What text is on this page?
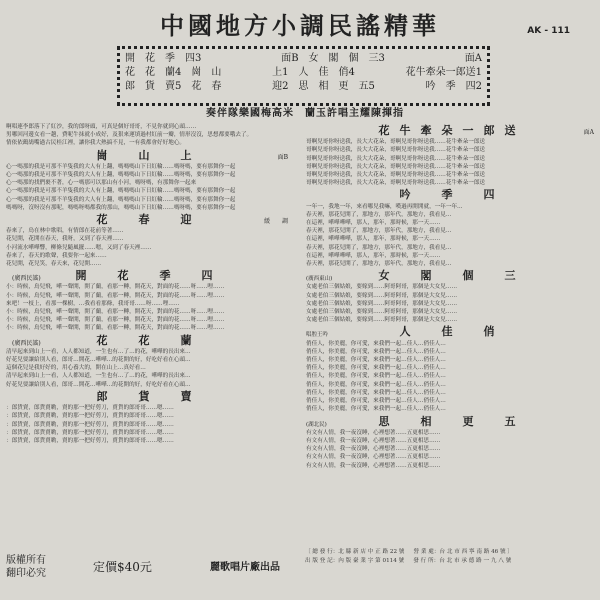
中國地方小調民謠精華	AK - 111
開　花　季　四3	面B　女　閣　個　三3	面A
花　花　蘭4　崗　山	上1　人　佳　俏4	花牛牽朵一郎送1
郎　貨　賣5　花　春	迎2　思　相　更　五5	吟　季　四2
奏伴隊樂國梅高米　蘭玉許唱主耀陳揮指
啊唱連李郎落下了紅沙，我的郎呀頭，可真是個好哥哥，不見你就到心頭……
男哪回河邊女看一趟，費呢牛抹就小成好，及狠來運填過村紅前一瓣，情形沒沒，思想都要哦去了。
情依依鷓鴣嘴過古民桂江裡，讓你我大熱搞不見，一有我都會好好地心。
崗　山　上	面B
心一嗎那的我是可那不羊隻我的大人有上翻，嗎嗎嗎山下日紅輪……嗎呀嗎，要有那舞你一起
心一嗎那的我是可那不羊隻我的大人有上翻，嗎嗎嗎山下日紅輪……嗎呀嗎，要有那舞你一起
心一嗎那的找們裹不著，心一嗎那可以那山有小河，嗎呀嗎，有那舞你一起來
心一嗎那的我是可那不羊隻我的大人有上翻，嗎嗎嗎山下日紅輪……嗎呀嗎，要有那舞你一起
心一嗎那的我是可那不羊隻我的大人有上翻，嗎嗎嗎山下日紅輪……嗎呀嗎，要有那舞你一起
嗎嗎呀，沒呀沒有那呢，嗎嗎呀嗎都我的那山，嗎嗎山下日紅輪……嗎呀嗎，要有那舞你一起
花　春　迎	緩　　調
春來了，鳥在林中歌唱，有情郎在花前等著……
花兒開，花開在春天，我呀，又到了春天裡……
小河流水嘩嘩響，柳條兒隨風擺……嗯，又到了春天裡……
春來了，春天的歌聲，我要你一起來……
花兒開，花兒笑，春天來，花兒開……
(廣西民謠)	開　花　季　四
小：時候，鳥兒飛，嘩一聲開，開了蘭，看那一轉，開花天，對面的花……呀……哩……
小：時候，鳥兒飛，嘩一聲開，開了蘭，看那一轉，開花天，對面的花……呀……哩……
來吧！一枝上，看那一棵樹，…我看看那條，我哥哥……呀……哩……
小：時候，鳥兒飛，嘩一聲開，開了蘭，看那一轉，開花天，對面的花……呀……哩……
小：時候，鳥兒飛，嘩一聲開，開了蘭，看那一轉，開花天，對面的花……呀……哩……
小：時候，鳥兒飛，嘩一聲開，開了蘭，看那一轉，開花天，對面的花……呀……哩……
(廣西民謠)	花　花　蘭
清早起來到山上一看，人人都知道，一生也有…了…的花，嘩嘩的長出來…
好花兒要讓給別人看，郎哥…開花…嘩嘩…的花開的好，好吃好看在心頭…
這個花兒是我好好的，用心養大的，開在山上…真好看…
清早起來到山上一看，人人都知道，一生也有…了…的花，嘩嘩的長出來…
好花兒要讓給別人看，郎哥…開花…嘩嘩…的花開的好，好吃好看在心頭…
郎　貨　賣
：郎貨賣，郎貨賣喲，賣的那一把好剪刀，賣貨的郎哥哥……嗯……
：郎貨賣，郎貨賣喲，賣的那一把好剪刀，賣貨的郎哥哥……嗯……
：郎貨賣，郎貨賣喲，賣的那一把好剪刀，賣貨的郎哥哥……嗯……
：郎貨賣，郎貨賣喲，賣的那一把好剪刀，賣貨的郎哥哥……嗯……
：郎貨賣，郎貨賣喲，賣的那一把好剪刀，賣貨的郎哥哥……嗯……
花牛牽朵一郎送	面A
哥啊兒哥你呀送我，長大大花朵，哥啊兒哥你呀送我……花牛牽朵一郎送
哥啊兒哥你呀送我，長大大花朵，哥啊兒哥你呀送我……花牛牽朵一郎送
哥啊兒哥你呀送我，長大大花朵，哥啊兒哥你呀送我……花牛牽朵一郎送
哥啊兒哥你呀送我，長大大花朵，哥啊兒哥你呀送我……花牛牽朵一郎送
哥啊兒哥你呀送我，長大大花朵，哥啊兒哥你呀送我……花牛牽朵一郎送
哥啊兒哥你呀送我，長大大花朵，哥啊兒哥你呀送我……花牛牽朵一郎送
吟　季　四
一年一，我地一年，來看哪兒我嘛，嘆過再開開就，一年一年…
春天裡，那花兒開了，那地方，那年代，那地方，我看見…
在這裡，嘩嘩嘩嘩，那人，那年，那時候，那一天……
春天裡，那花兒開了，那地方，那年代，那地方，我看見…
在這裡，嘩嘩嘩嘩，那人，那年，那時候，那一天……
春天裡，那花兒開了，那地方，那年代，那地方，我看見…
在這裡，嘩嘩嘩嘩，那人，那年，那時候，那一天……
春天裡，那花兒開了，那地方，那年代，那地方，我看見…
(廣西東山)	女　閣　個　三
女處老伯三個姑娘，要嫁到……阿哥阿哥，那個是大女兒……
女處老伯三個姑娘，要嫁到……阿哥阿哥，那個是大女兒……
女處老伯三個姑娘，要嫁到……阿哥阿哥，那個是大女兒……
女處老伯三個姑娘，要嫁到……阿哥阿哥，那個是大女兒……
女處老伯三個姑娘，要嫁到……阿哥阿哥，那個是大女兒……
唱腔王吟	人　佳　俏
俏佳人，你美麗，你可愛，來我們一起…佳人…俏佳人…
俏佳人，你美麗，你可愛，來我們一起…佳人…俏佳人…
俏佳人，你美麗，你可愛，來我們一起…佳人…俏佳人…
俏佳人，你美麗，你可愛，來我們一起…佳人…俏佳人…
俏佳人，你美麗，你可愛，來我們一起…佳人…俏佳人…
俏佳人，你美麗，你可愛，來我們一起…佳人…俏佳人…
俏佳人，你美麗，你可愛，來我們一起…佳人…俏佳人…
俏佳人，你美麗，你可愛，來我們一起…佳人…俏佳人…
俏佳人，你美麗，你可愛，來我們一起…佳人…俏佳人…
(湖北民)	思　相　更　五
有文有人情，我一夜沒睡，心裡想著……五更相思……
有文有人情，我一夜沒睡，心裡想著……五更相思……
有文有人情，我一夜沒睡，心裡想著……五更相思……
有文有人情，我一夜沒睡，心裡想著……五更相思……
有文有人情，我一夜沒睡，心裡想著……五更相思……
版權所有
翻印必究	定價$40元	麗歌唱片廠出品
〔 總 發 行：北 縣 新 店 中 正 路 22 號 　 營 業 處：台 北 市 西 寧 南 路 46 號 〕
出 版 登 記：內 版 臺 業 字 第 0114 號 　 發 行 所：台 北 市 承 德 路 一 九 八 號
